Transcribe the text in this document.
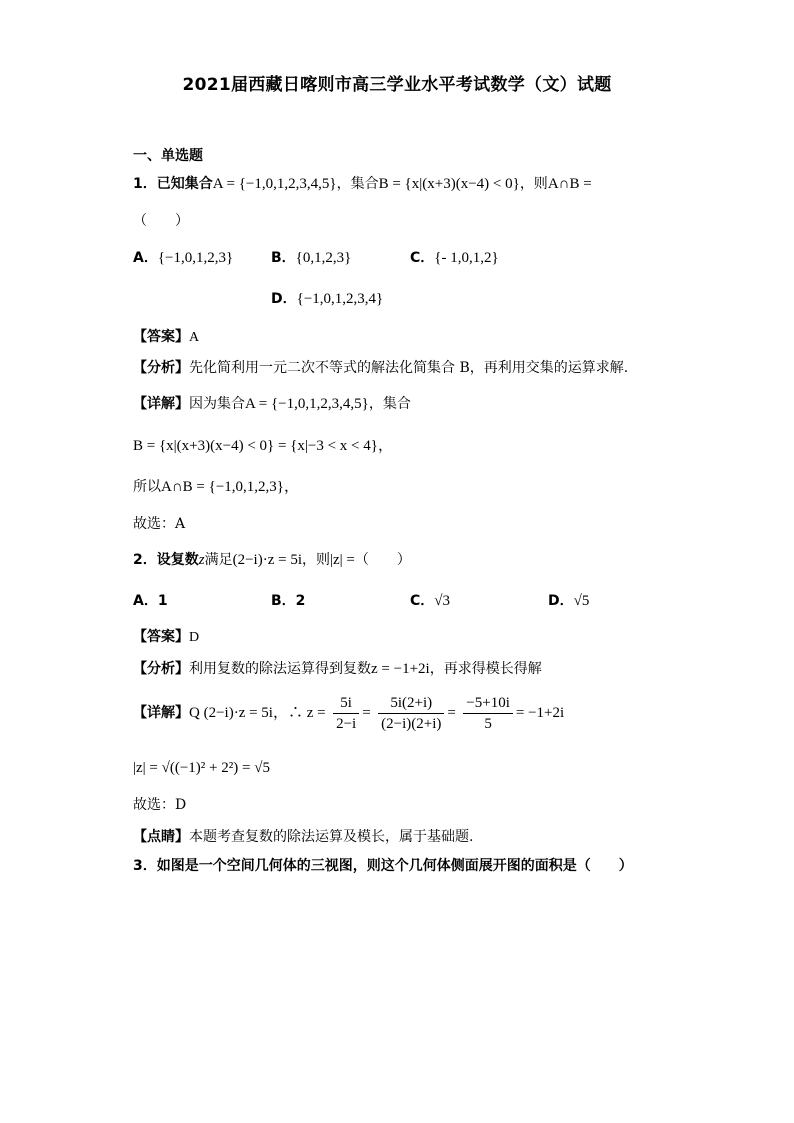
2021届西藏日喀则市高三学业水平考试数学（文）试题
一、单选题
1．已知集合A = {−1,0,1,2,3,4,5}，集合B = {x|(x+3)(x−4) < 0}，则A∩B =
（　　）
A．{−1,0,1,2,3}	B．{0,1,2,3}	C．{- 1,0,1,2}
D．{−1,0,1,2,3,4}
【答案】A
【分析】先化简利用一元二次不等式的解法化简集合 B，再利用交集的运算求解.
【详解】因为集合A = {−1,0,1,2,3,4,5}，集合
B = {x|(x+3)(x−4) < 0} = {x|−3 < x < 4}，
所以A∩B = {−1,0,1,2,3}，
故选：A
2．设复数z满足(2−i)·z = 5i，则|z| =（　　）
A．1	B．2	C．√3	D．√5
【答案】D
【分析】利用复数的除法运算得到复数z = −1+2i，再求得模长得解
【详解】Q (2−i)·z = 5i，∴ $z = \frac{5i}{2-i} = \frac{5i(2+i)}{(2-i)(2+i)} = \frac{-5+10i}{5} = -1+2i$
|z| = √((−1)² + 2²) = √5
故选：D
【点睛】本题考查复数的除法运算及模长，属于基础题.
3．如图是一个空间几何体的三视图，则这个几何体侧面展开图的面积是（　　）
